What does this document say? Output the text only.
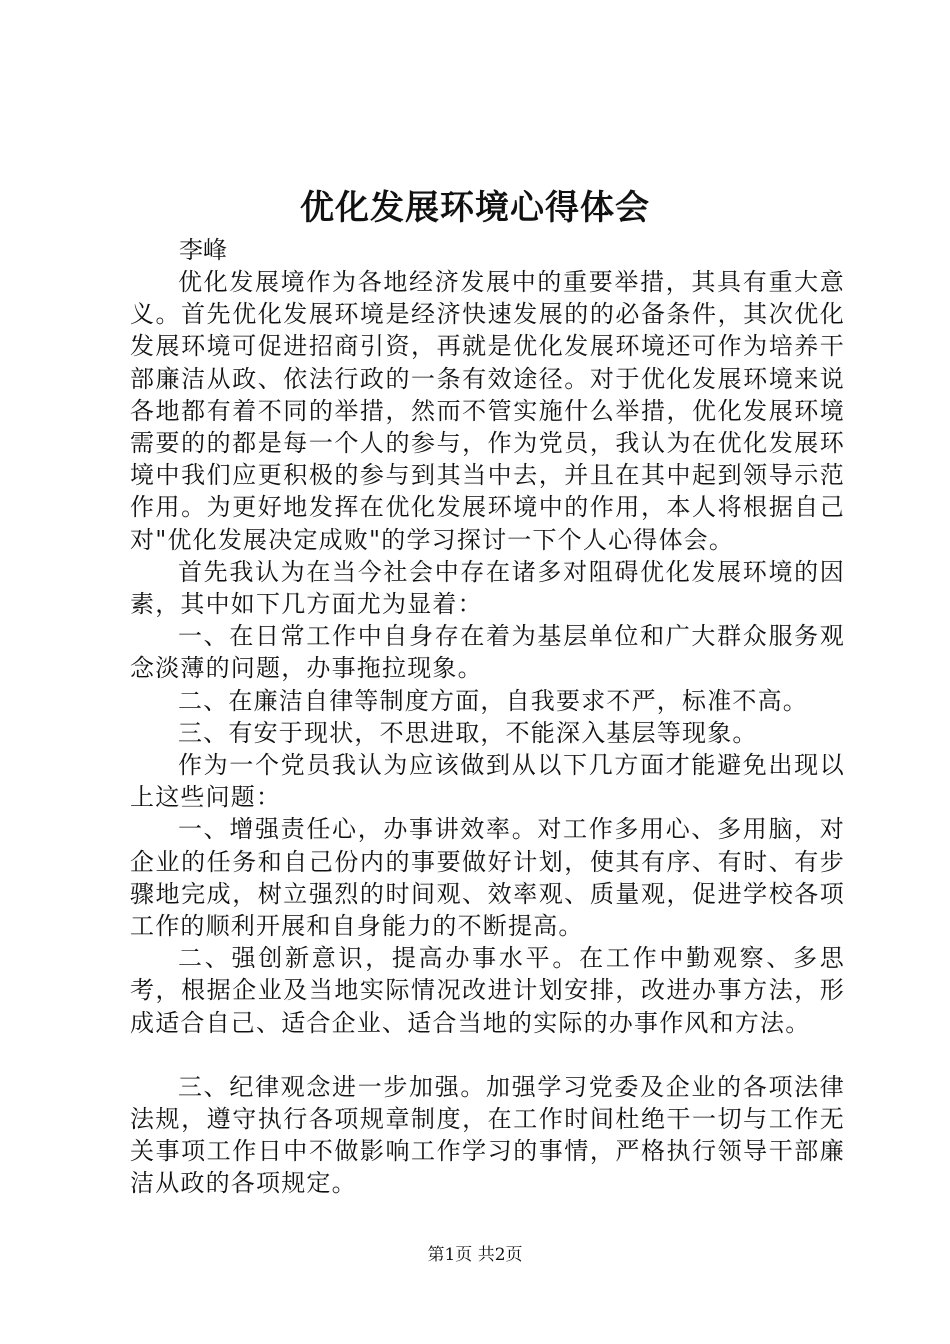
优化发展环境心得体会
李峰

优化发展境作为各地经济发展中的重要举措，其具有重大意义。首先优化发展环境是经济快速发展的的必备条件，其次优化发展环境可促进招商引资，再就是优化发展环境还可作为培养干部廉洁从政、依法行政的一条有效途径。对于优化发展环境来说各地都有着不同的举措，然而不管实施什么举措，优化发展环境需要的的都是每一个人的参与，作为党员，我认为在优化发展环境中我们应更积极的参与到其当中去，并且在其中起到领导示范作用。为更好地发挥在优化发展环境中的作用，本人将根据自己对"优化发展决定成败"的学习探讨一下个人心得体会。

首先我认为在当今社会中存在诸多对阻碍优化发展环境的因素，其中如下几方面尤为显着：

一、在日常工作中自身存在着为基层单位和广大群众服务观念淡薄的问题，办事拖拉现象。

二、在廉洁自律等制度方面，自我要求不严，标准不高。

三、有安于现状，不思进取，不能深入基层等现象。

作为一个党员我认为应该做到从以下几方面才能避免出现以上这些问题：

一、增强责任心，办事讲效率。对工作多用心、多用脑，对企业的任务和自己份内的事要做好计划，使其有序、有时、有步骤地完成，树立强烈的时间观、效率观、质量观，促进学校各项工作的顺利开展和自身能力的不断提高。

二、强创新意识，提高办事水平。在工作中勤观察、多思考，根据企业及当地实际情况改进计划安排，改进办事方法，形成适合自己、适合企业、适合当地的实际的办事作风和方法。

三、纪律观念进一步加强。加强学习党委及企业的各项法律法规，遵守执行各项规章制度，在工作时间杜绝干一切与工作无关事项工作日中不做影响工作学习的事情，严格执行领导干部廉洁从政的各项规定。

第1页 共2页
